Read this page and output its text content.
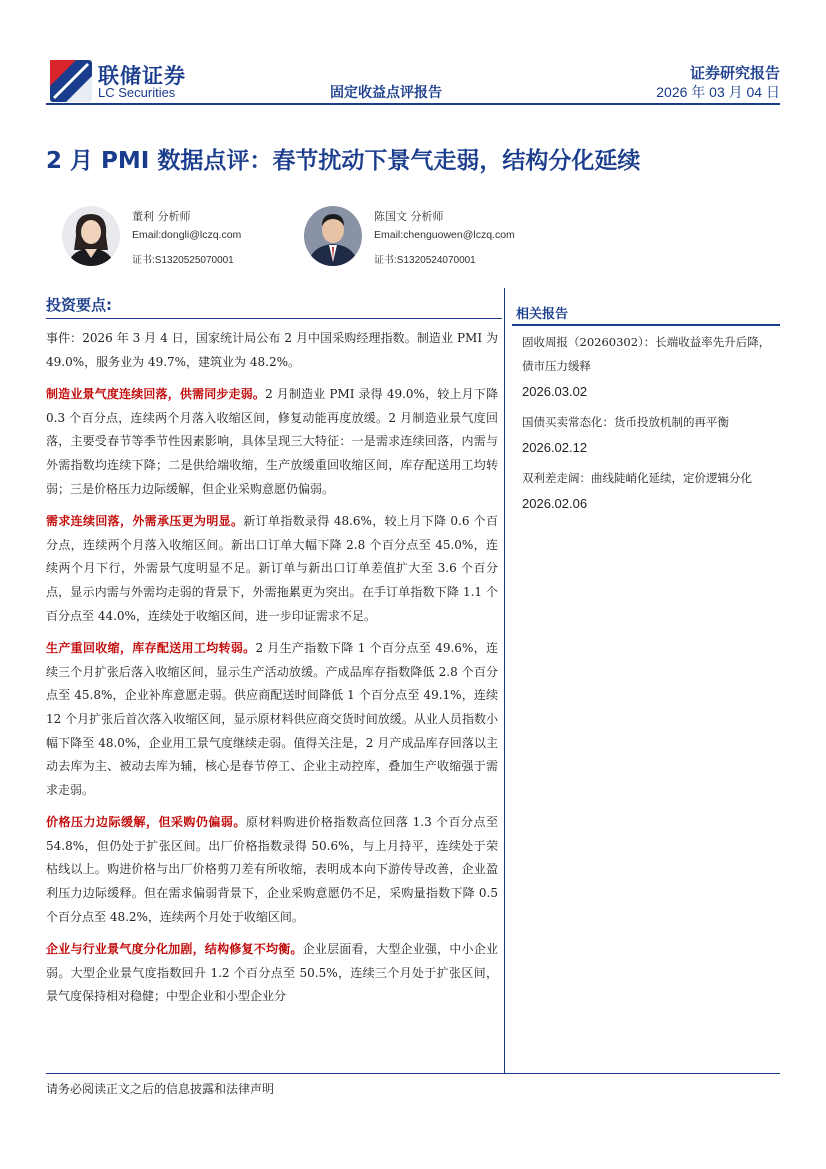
联储证券
LC Securities
证券研究报告
固定收益点评报告	2026 年 03 月 04 日
2 月 PMI 数据点评：春节扰动下景气走弱，结构分化延续
董利 分析师
Email:dongli@lczq.com
证书:S1320525070001
陈国文 分析师
Email:chenguowen@lczq.com
证书:S1320524070001
投资要点:

事件：2026 年 3 月 4 日，国家统计局公布 2 月中国采购经理指数。制造业 PMI 为 49.0%，服务业为 49.7%，建筑业为 48.2%。

制造业景气度连续回落，供需同步走弱。2 月制造业 PMI 录得 49.0%，较上月下降 0.3 个百分点，连续两个月落入收缩区间，修复动能再度放缓。2 月制造业景气度回落，主要受春节等季节性因素影响，具体呈现三大特征：一是需求连续回落，内需与外需指数均连续下降；二是供给端收缩，生产放缓重回收缩区间，库存配送用工均转弱；三是价格压力边际缓解，但企业采购意愿仍偏弱。

需求连续回落，外需承压更为明显。新订单指数录得 48.6%，较上月下降 0.6 个百分点，连续两个月落入收缩区间。新出口订单大幅下降 2.8 个百分点至 45.0%，连续两个月下行，外需景气度明显不足。新订单与新出口订单差值扩大至 3.6 个百分点，显示内需与外需均走弱的背景下，外需拖累更为突出。在手订单指数下降 1.1 个百分点至 44.0%，连续处于收缩区间，进一步印证需求不足。

生产重回收缩，库存配送用工均转弱。2 月生产指数下降 1 个百分点至 49.6%，连续三个月扩张后落入收缩区间，显示生产活动放缓。产成品库存指数降低 2.8 个百分点至 45.8%，企业补库意愿走弱。供应商配送时间降低 1 个百分点至 49.1%，连续 12 个月扩张后首次落入收缩区间，显示原材料供应商交货时间放缓。从业人员指数小幅下降至 48.0%，企业用工景气度继续走弱。值得关注是，2 月产成品库存回落以主动去库为主、被动去库为辅，核心是春节停工、企业主动控库，叠加生产收缩强于需求走弱。

价格压力边际缓解，但采购仍偏弱。原材料购进价格指数高位回落 1.3 个百分点至 54.8%，但仍处于扩张区间。出厂价格指数录得 50.6%，与上月持平，连续处于荣枯线以上。购进价格与出厂价格剪刀差有所收缩，表明成本向下游传导改善，企业盈利压力边际缓释。但在需求偏弱背景下，企业采购意愿仍不足，采购量指数下降 0.5 个百分点至 48.2%，连续两个月处于收缩区间。

企业与行业景气度分化加剧，结构修复不均衡。企业层面看，大型企业强，中小企业弱。大型企业景气度指数回升 1.2 个百分点至 50.5%，连续三个月处于扩张区间，景气度保持相对稳健；中型企业和小型企业分

相关报告
固收周报（20260302）：长端收益率先升后降，债市压力缓释
2026.03.02
国债买卖常态化：货币投放机制的再平衡
2026.02.12
双利差走阔：曲线陡峭化延续，定价逻辑分化
2026.02.06
请务必阅读正文之后的信息披露和法律声明
